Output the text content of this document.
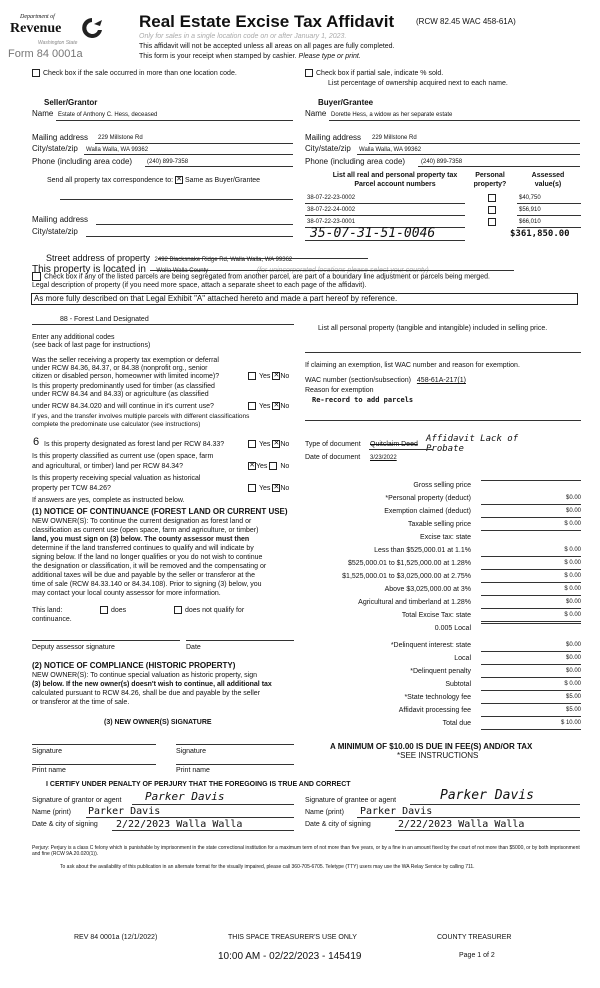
Department of
Revenue
Washington State
Form 84 0001a
Real Estate Excise Tax Affidavit	(RCW 82.45 WAC 458-61A)
Only for sales in a single location code on or after January 1, 2023.
This affidavit will not be accepted unless all areas on all pages are fully completed.
This form is your receipt when stamped by cashier. Please type or print.
Check box if the sale occurred in more than one location code.	Check box if partial sale, indicate % sold.
List percentage of ownership acquired next to each name.
Seller/Grantor
Name Estate of Anthony C. Hess, deceased
Mailing address 229 Millstone Rd
City/state/zip Walla Walla, WA 99362
Phone (including area code) (240) 899-7358
Buyer/Grantee
Name Dorette Hess, a widow as her separate estate
Mailing address 229 Millstone Rd
City/state/zip Walla Walla, WA 99362
Phone (including area code)	(240) 899-7358
Send all property tax correspondence to: ✕ Same as Buyer/Grantee
Mailing address
City/state/zip
List all real and personal property tax
Parcel account numbers
Personal
property?
Assessed
value(s)
38-07-22-23-0002	$40,750
38-07-22-24-0002	$56,910
38-07-22-23-0001	$66,010
35-07-31-51-0046	$361,850.00
Street address of property 2492 Blacksnake Ridge Rd, Walla Walla, WA 99362
This property is located in Walla Walla County	(for unincorporated locations please select your county)
Check box if any of the listed parcels are being segregated from another parcel, are part of a boundary line adjustment or parcels being merged.
Legal description of property (if you need more space, attach a separate sheet to each page of the affidavit).
As more fully described on that Legal Exhibit "A" attached hereto and made a part hereof by reference.
88 - Forest Land Designated
Enter any additional codes
(see back of last page for instructions)
Was the seller receiving a property tax exemption or deferral
under RCW 84.36, 84.37, or 84.38 (nonprofit org., senior
citizen or disabled person, homeowner with limited income)?	Yes ✕No
Is this property predominantly used for timber (as classified
under RCW 84.34 and 84.33) or agriculture (as classified
under RCW 84.34.020 and will continue in it's current use?	Yes ✕No
If yes, and the transfer involves multiple parcels with different classifications
complete the predominate use calculator (see instructions)
6 Is this property designated as forest land per RCW 84.33?	Yes ✕No
Is this property classified as current use (open space, farm
and agricultural, or timber) land per RCW 84.34?	✕Yes No
Is this property receiving special valuation as historical
property per TCW 84.26?	Yes ✕No
If answers are yes, complete as instructed below.
(1) NOTICE OF CONTINUANCE (FOREST LAND OR CURRENT USE)
NEW OWNER(S): To continue the current designation as forest land or
classification as current use (open space, farm and agriculture, or timber)
land, you must sign on (3) below. The county assessor must then
determine if the land transferred continues to qualify and will indicate by
signing below. If the land no longer qualifies or you do not wish to continue
the designation or classification, it will be removed and the compensating or
additional taxes will be due and payable by the seller or transferor at the
time of sale (RCW 84.33.140 or 84.34.108). Prior to signing (3) below, you
may contact your local county assessor for more information.
This land:
continuance.
does	does not qualify for
Deputy assessor signature	Date
(2) NOTICE OF COMPLIANCE (HISTORIC PROPERTY)
NEW OWNER(S): To continue special valuation as historic property, sign
(3) below. If the new owner(s) doesn't wish to continue, all additional tax
calculated pursuant to RCW 84.26, shall be due and payable by the seller
or transferor at the time of sale.
(3) NEW OWNER(S) SIGNATURE
Signature	Signature
Print name	Print name
List all personal property (tangible and intangible) included in selling price.
If claiming an exemption, list WAC number and reason for exemption.
WAC number (section/subsection) 458-61A-217(1)
Reason for exemption
Re-record to add parcels
Type of document Quitclaim Deed
Affidavit Lack of Probate
Date of document 3/23/2022
Gross selling price
*Personal property (deduct)	$0.00
Exemption claimed (deduct)	$0.00
Taxable selling price	$ 0.00
Excise tax: state
Less than $525,000.01 at 1.1%	$ 0.00
$525,000.01 to $1,525,000.00 at 1.28%	$ 0.00
$1,525,000.01 to $3,025,000.00 at 2.75%	$ 0.00
Above $3,025,000.00 at 3%	$ 0.00
Agricultural and timberland at 1.28%	$0.00
Total Excise Tax: state	$ 0.00
0.005 Local
*Delinquent interest: state	$0.00
Local	$0.00
*Delinquent penalty	$0.00
Subtotal	$ 0.00
*State technology fee	$5.00
Affidavit processing fee	$5.00
Total due	$ 10.00
A MINIMUM OF $10.00 IS DUE IN FEE(S) AND/OR TAX
*SEE INSTRUCTIONS
I CERTIFY UNDER PENALTY OF PERJURY THAT THE FOREGOING IS TRUE AND CORRECT
Signature of grantor or agent Parker Davis
Name (print) Parker Davis
Date & city of signing 2/22/2023 Walla Walla
Signature of grantee or agent	Parker Davis
Name (print) Parker Davis
Date & city of signing	2/22/2023 Walla Walla
Perjury: Perjury is a class C felony which is punishable by imprisonment in the state correctional institution for a maximum term of not more than five years, or by a fine in an amount fixed by the court of not more than $5000, or by both imprisonment and fine (RCW 9A.20.020(1)).
To ask about the availability of this publication in an alternate format for the visually impaired, please call 360-705-6705. Teletype (TTY) users may use the WA Relay Service by calling 711.
REV 84 0001a (12/1/2022)	THIS SPACE TREASURER'S USE ONLY	COUNTY TREASURER
10:00 AM - 02/22/2023 - 145419	Page 1 of 2
